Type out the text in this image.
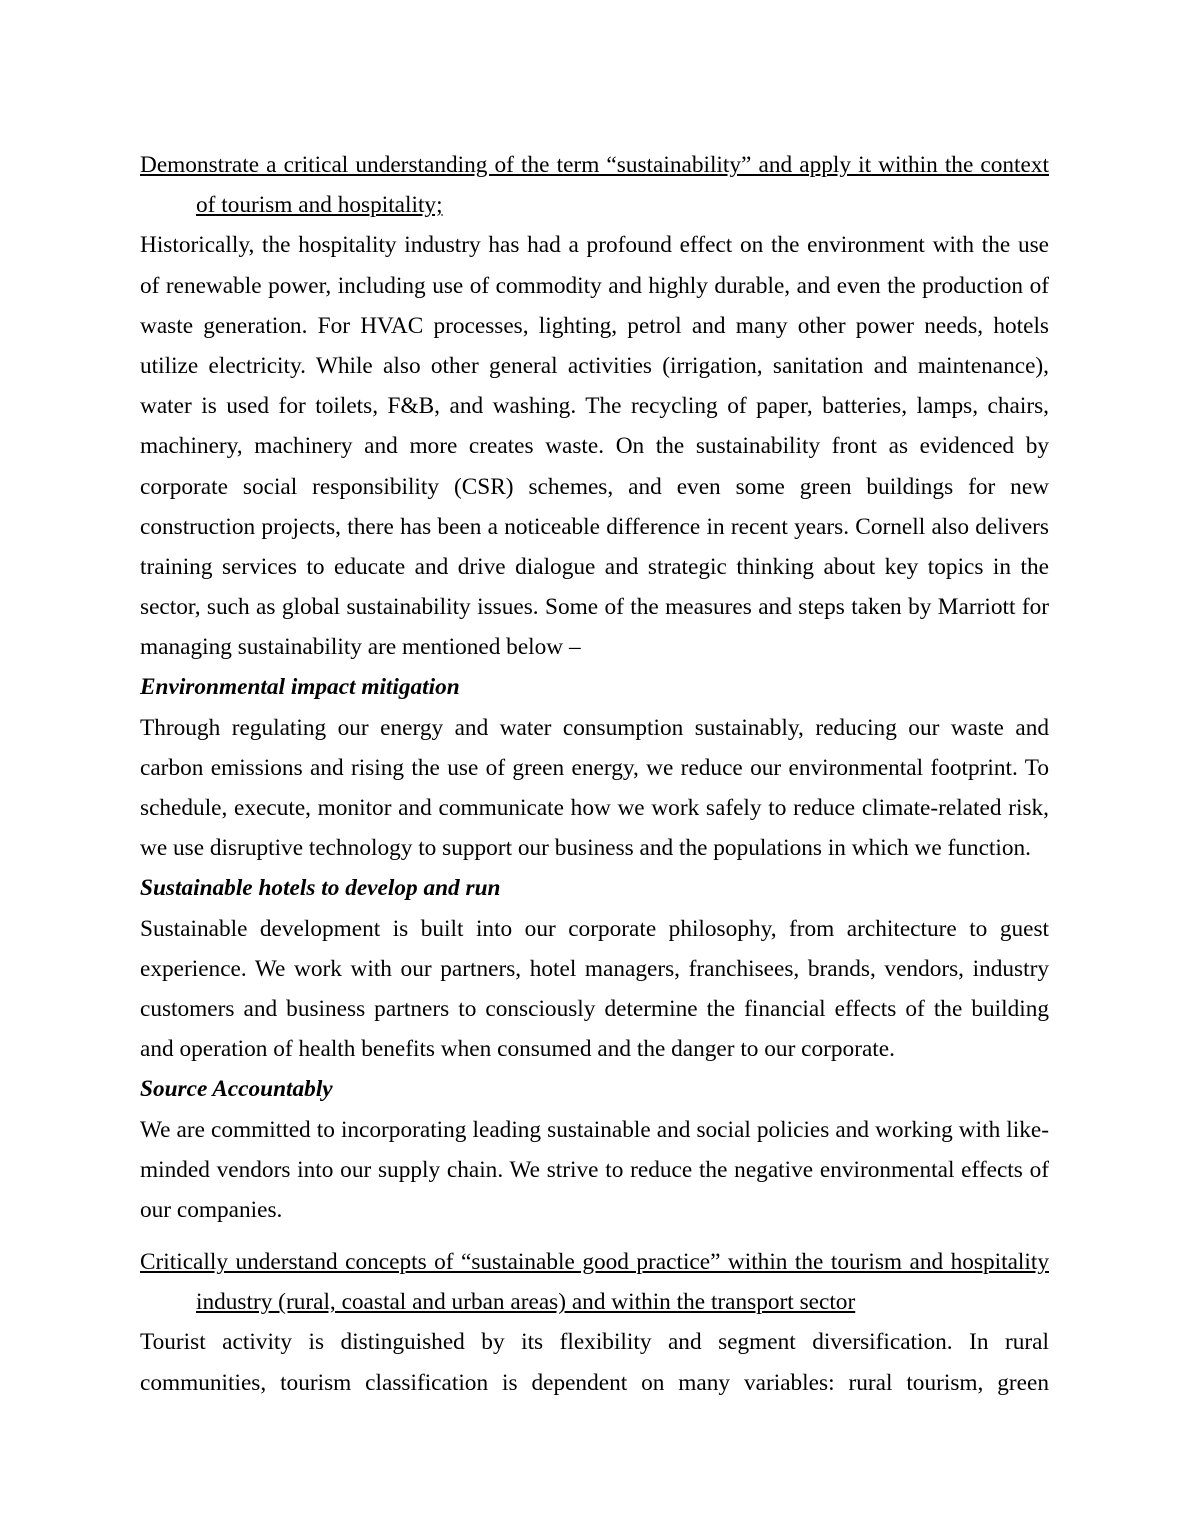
Demonstrate a critical understanding of the term “sustainability” and apply it within the context
of tourism and hospitality;
Historically, the hospitality industry has had a profound effect on the environment with the use
of renewable power, including use of commodity and highly durable, and even the production of
waste generation. For HVAC processes, lighting, petrol and many other power needs, hotels
utilize electricity. While also other general activities (irrigation, sanitation and maintenance),
water is used for toilets, F&B, and washing. The recycling of paper, batteries, lamps, chairs,
machinery, machinery and more creates waste. On the sustainability front as evidenced by
corporate social responsibility (CSR) schemes, and even some green buildings for new
construction projects, there has been a noticeable difference in recent years. Cornell also delivers
training services to educate and drive dialogue and strategic thinking about key topics in the
sector, such as global sustainability issues. Some of the measures and steps taken by Marriott for
managing sustainability are mentioned below –
Environmental impact mitigation
Through regulating our energy and water consumption sustainably, reducing our waste and
carbon emissions and rising the use of green energy, we reduce our environmental footprint. To
schedule, execute, monitor and communicate how we work safely to reduce climate-related risk,
we use disruptive technology to support our business and the populations in which we function.
Sustainable hotels to develop and run
Sustainable development is built into our corporate philosophy, from architecture to guest
experience. We work with our partners, hotel managers, franchisees, brands, vendors, industry
customers and business partners to consciously determine the financial effects of the building
and operation of health benefits when consumed and the danger to our corporate.
Source Accountably
We are committed to incorporating leading sustainable and social policies and working with like-
minded vendors into our supply chain. We strive to reduce the negative environmental effects of
our companies.
Critically understand concepts of “sustainable good practice” within the tourism and hospitality
industry (rural, coastal and urban areas) and within the transport sector
Tourist activity is distinguished by its flexibility and segment diversification. In rural
communities, tourism classification is dependent on many variables: rural tourism, green
